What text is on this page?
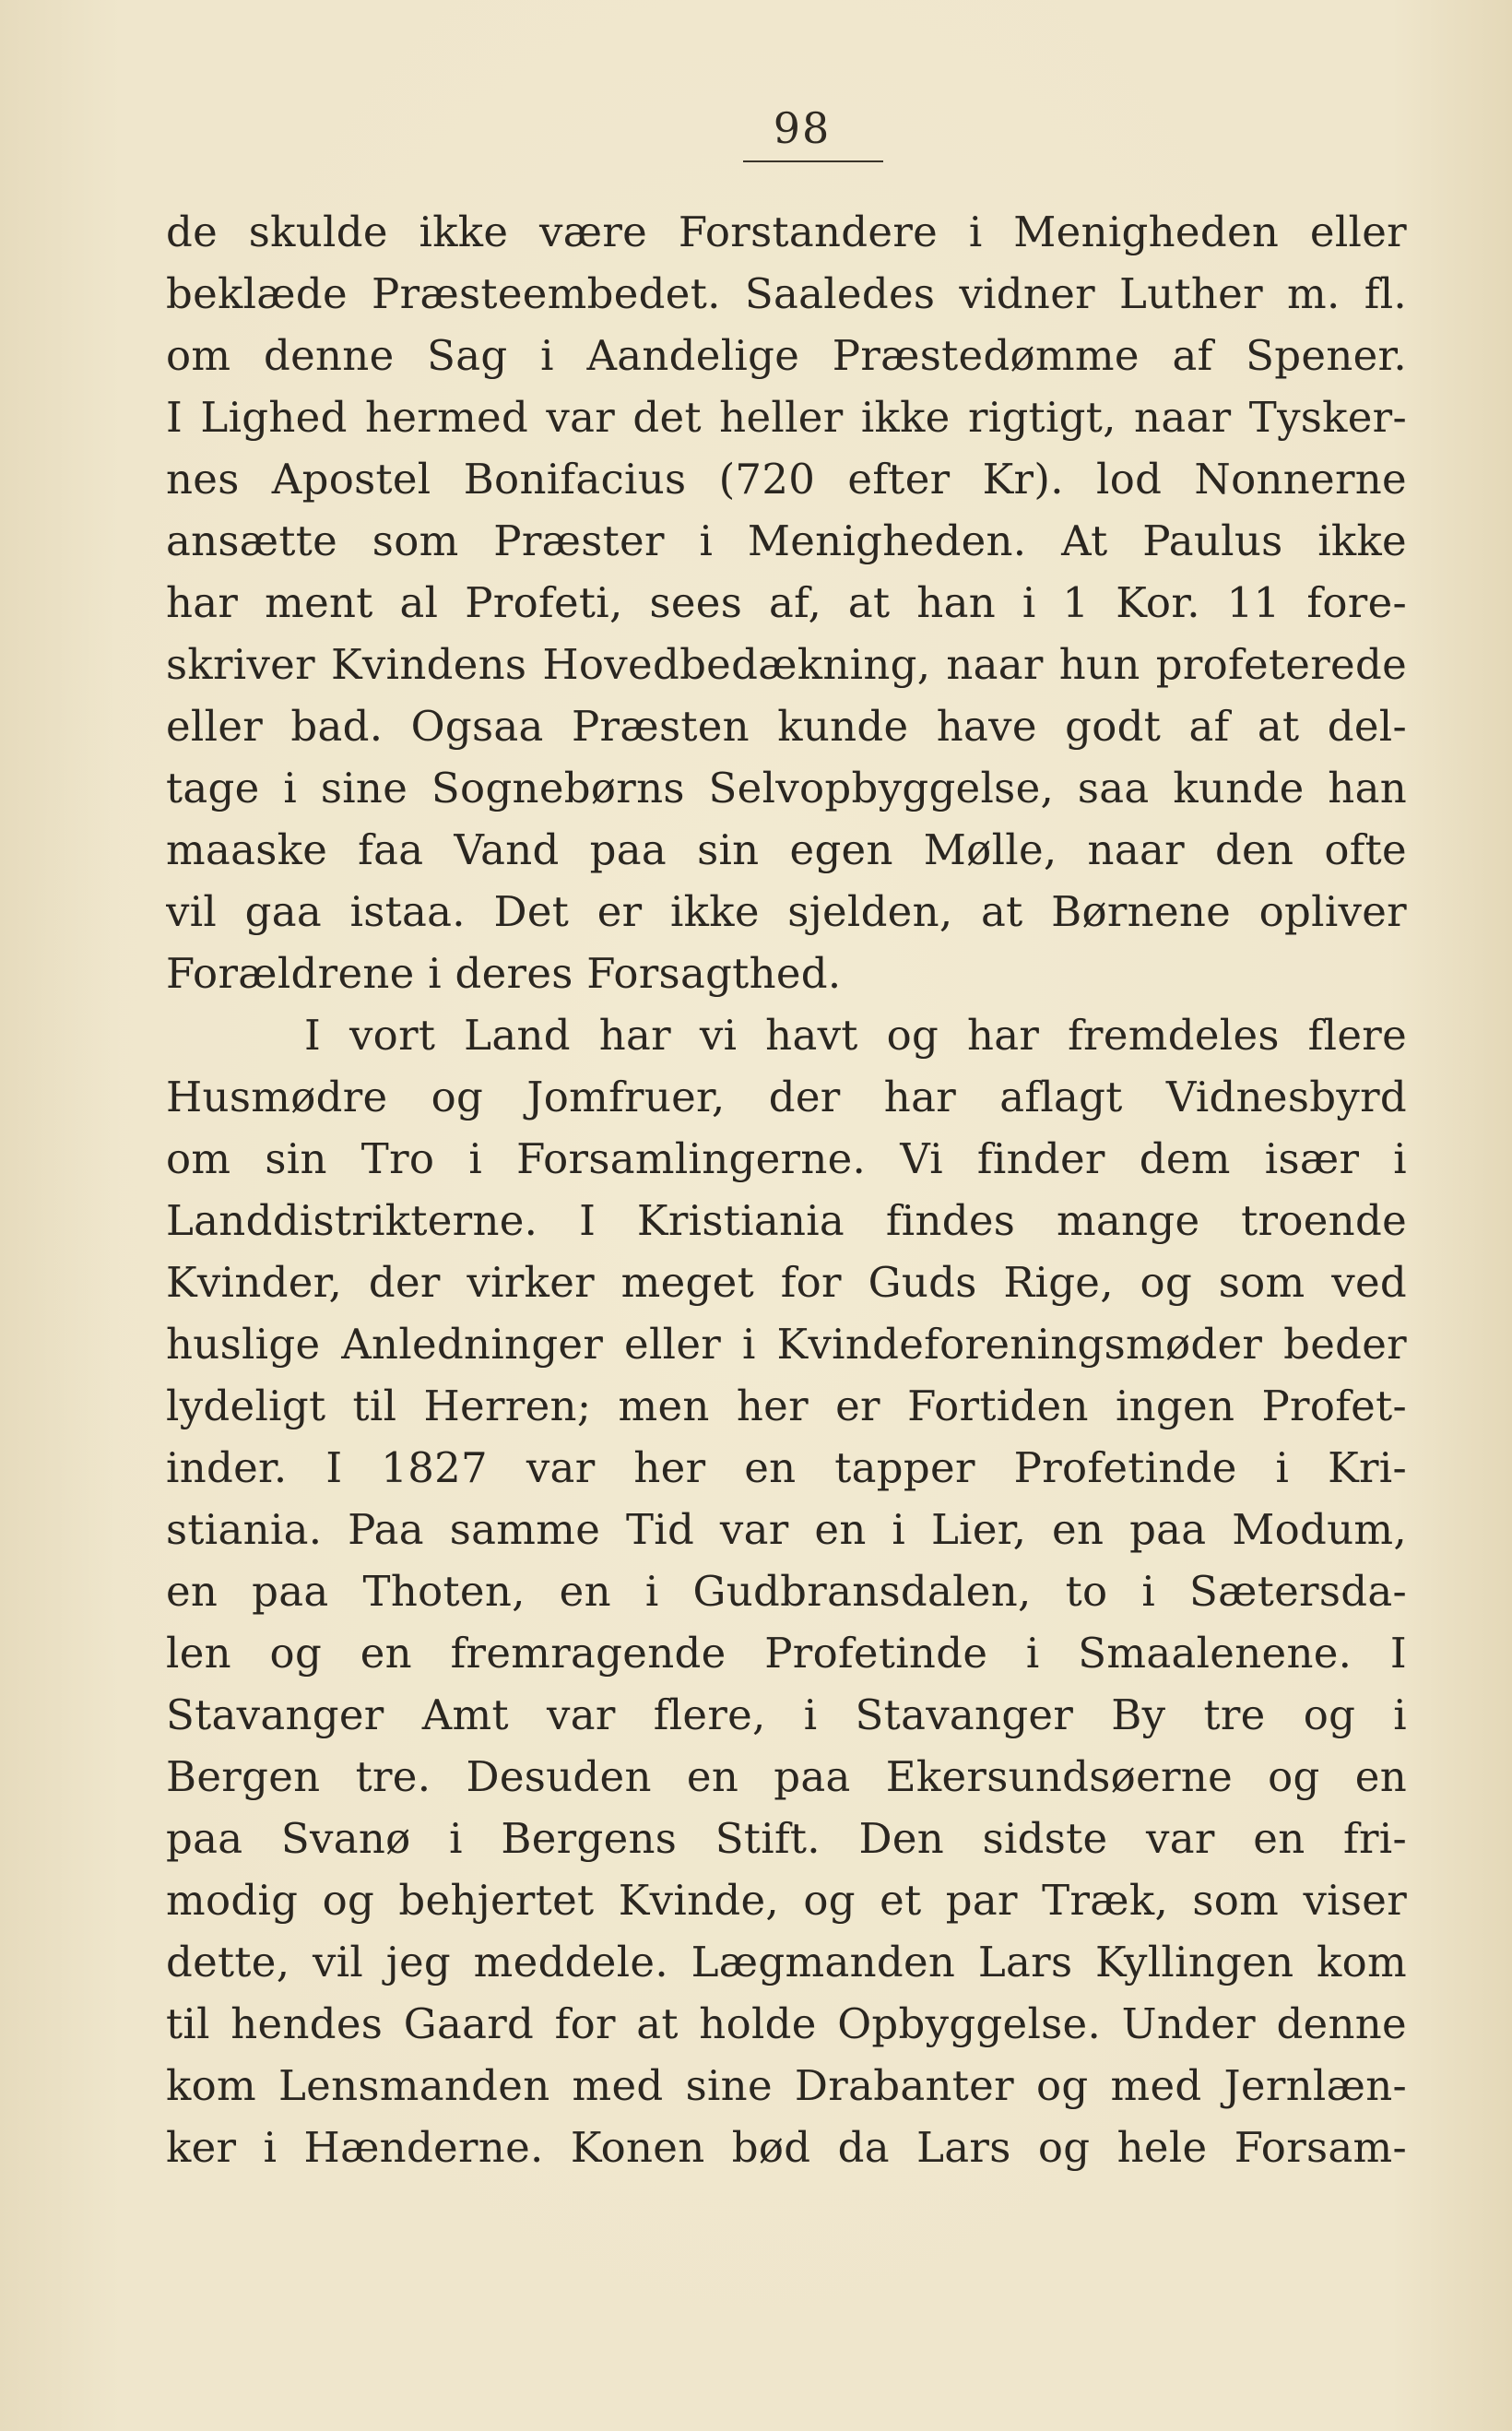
98
de skulde ikke være Forstandere i Menigheden eller
beklæde Præsteembedet. Saaledes vidner Luther m. fl.
om denne Sag i Aandelige Præstedømme af Spener.
I Lighed hermed var det heller ikke rigtigt, naar Tysker-
nes Apostel Bonifacius (720 efter Kr). lod Nonnerne
ansætte som Præster i Menigheden. At Paulus ikke
har ment al Profeti, sees af, at han i 1 Kor. 11 fore-
skriver Kvindens Hovedbedækning, naar hun profeterede
eller bad. Ogsaa Præsten kunde have godt af at del-
tage i sine Sognebørns Selvopbyggelse, saa kunde han
maaske faa Vand paa sin egen Mølle, naar den ofte
vil gaa istaa. Det er ikke sjelden, at Børnene opliver
Forældrene i deres Forsagthed.
I vort Land har vi havt og har fremdeles flere
Husmødre og Jomfruer, der har aflagt Vidnesbyrd
om sin Tro i Forsamlingerne. Vi finder dem især i
Landdistrikterne. I Kristiania findes mange troende
Kvinder, der virker meget for Guds Rige, og som ved
huslige Anledninger eller i Kvindeforeningsmøder beder
lydeligt til Herren; men her er Fortiden ingen Profet-
inder. I 1827 var her en tapper Profetinde i Kri-
stiania. Paa samme Tid var en i Lier, en paa Modum,
en paa Thoten, en i Gudbransdalen, to i Sætersda-
len og en fremragende Profetinde i Smaalenene. I
Stavanger Amt var flere, i Stavanger By tre og i
Bergen tre. Desuden en paa Ekersundsøerne og en
paa Svanø i Bergens Stift. Den sidste var en fri-
modig og behjertet Kvinde, og et par Træk, som viser
dette, vil jeg meddele. Lægmanden Lars Kyllingen kom
til hendes Gaard for at holde Opbyggelse. Under denne
kom Lensmanden med sine Drabanter og med Jernlæn-
ker i Hænderne. Konen bød da Lars og hele Forsam-
